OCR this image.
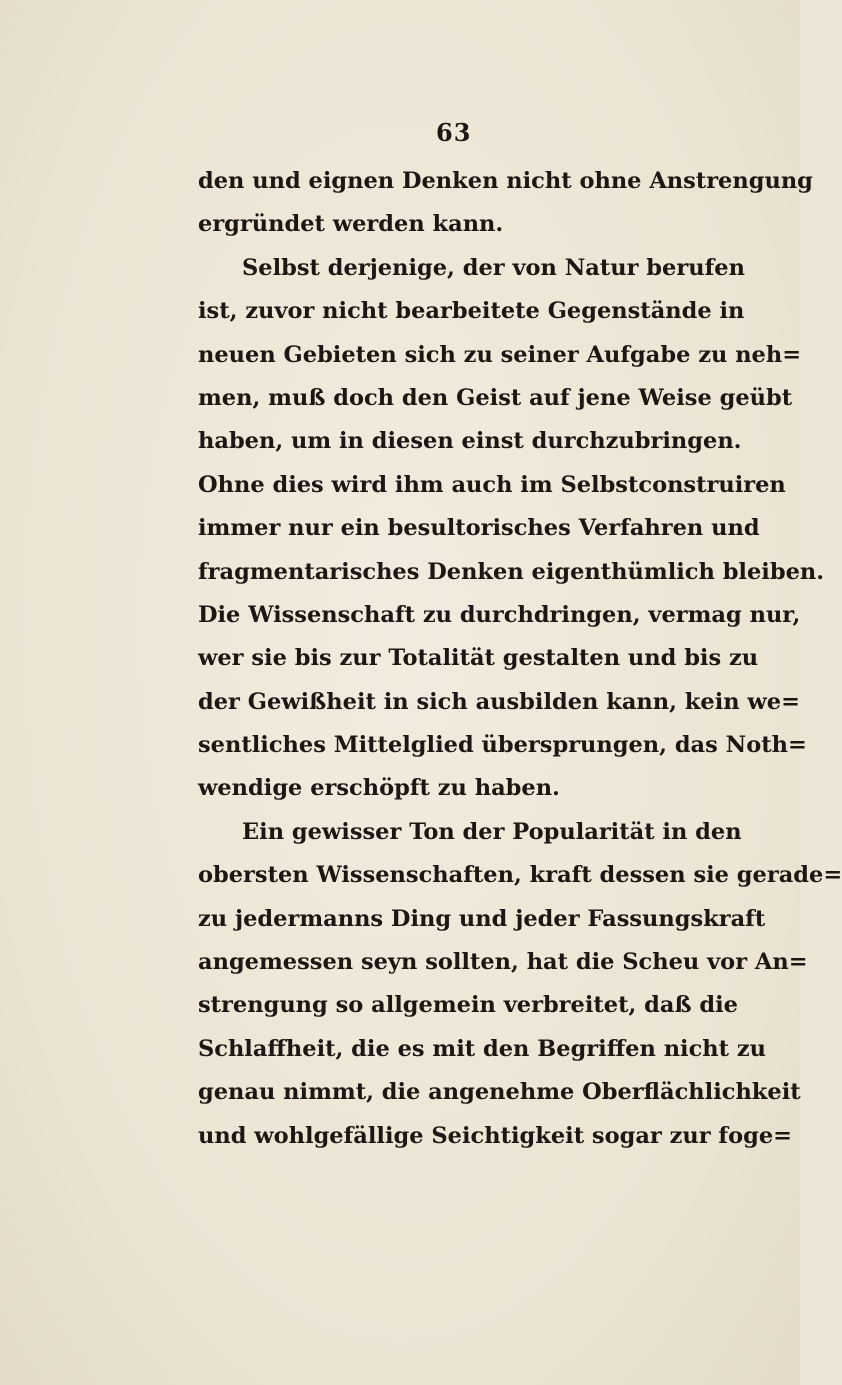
63
den und eignen Denken nicht ohne Anstrengung
ergründet werden kann.
Selbst derjenige, der von Natur berufen
ist, zuvor nicht bearbeitete Gegenstände in
neuen Gebieten sich zu seiner Aufgabe zu neh=
men, muß doch den Geist auf jene Weise geübt
haben, um in diesen einst durchzubringen.
Ohne dies wird ihm auch im Selbstconstruiren
immer nur ein besultorisches Verfahren und
fragmentarisches Denken eigenthümlich bleiben.
Die Wissenschaft zu durchdringen, vermag nur,
wer sie bis zur Totalität gestalten und bis zu
der Gewißheit in sich ausbilden kann, kein we=
sentliches Mittelglied übersprungen, das Noth=
wendige erschöpft zu haben.
Ein gewisser Ton der Popularität in den
obersten Wissenschaften, kraft dessen sie gerade=
zu jedermanns Ding und jeder Fassungskraft
angemessen seyn sollten, hat die Scheu vor An=
strengung so allgemein verbreitet, daß die
Schlaffheit, die es mit den Begriffen nicht zu
genau nimmt, die angenehme Oberflächlichkeit
und wohlgefällige Seichtigkeit sogar zur foge=
